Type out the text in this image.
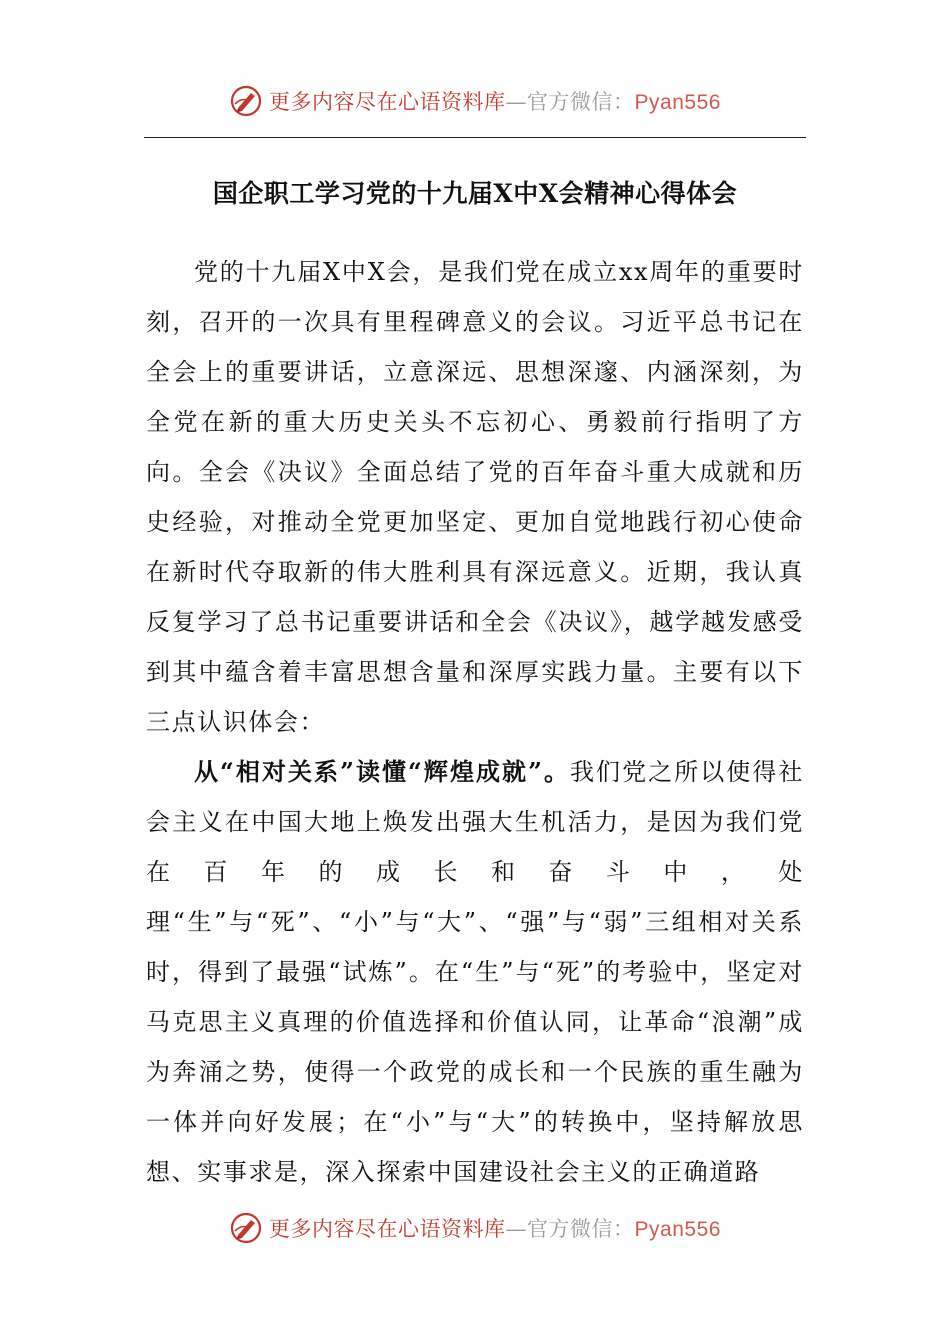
更多内容尽在心语资料库—官方微信：Pyan556
国企职工学习党的十九届X中X会精神心得体会

党的十九届X中X会，是我们党在成立xx周年的重要时刻，召开的一次具有里程碑意义的会议。习近平总书记在全会上的重要讲话，立意深远、思想深邃、内涵深刻，为全党在新的重大历史关头不忘初心、勇毅前行指明了方向。全会《决议》全面总结了党的百年奋斗重大成就和历史经验，对推动全党更加坚定、更加自觉地践行初心使命在新时代夺取新的伟大胜利具有深远意义。近期，我认真反复学习了总书记重要讲话和全会《决议》，越学越发感受到其中蕴含着丰富思想含量和深厚实践力量。主要有以下三点认识体会：

从“相对关系”读懂“辉煌成就”。我们党之所以使得社会主义在中国大地上焕发出强大生机活力，是因为我们党在百年的成长和奋斗中，处理“生”与“死”、“小”与“大”、“强”与“弱”三组相对关系时，得到了最强“试炼”。在“生”与“死”的考验中，坚定对马克思主义真理的价值选择和价值认同，让革命“浪潮”成为奔涌之势，使得一个政党的成长和一个民族的重生融为一体并向好发展；在“小”与“大”的转换中，坚持解放思想、实事求是，深入探索中国建设社会主义的正确道路

更多内容尽在心语资料库—官方微信：Pyan556
